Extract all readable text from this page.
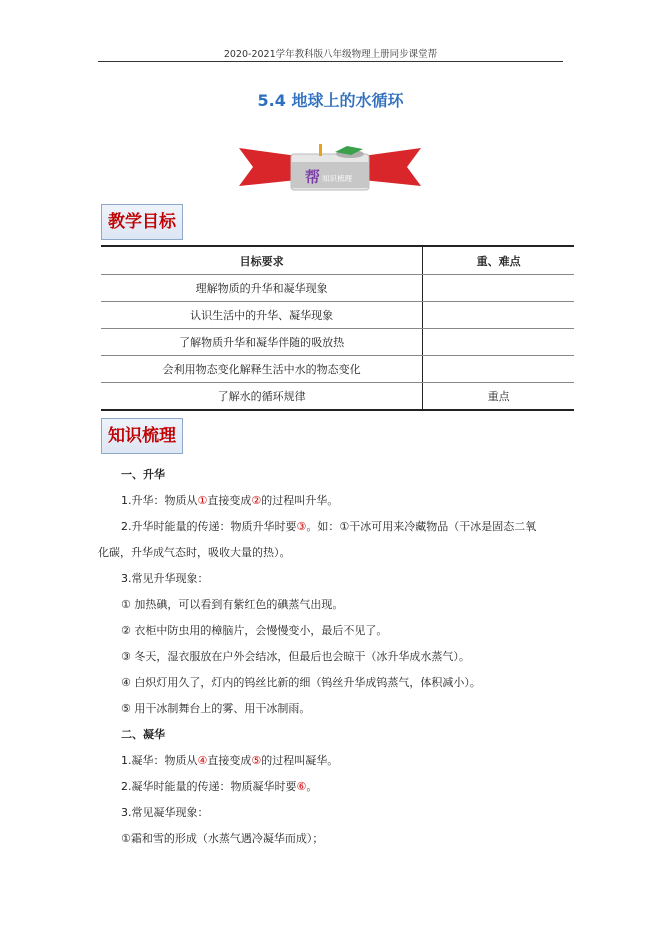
2020-2021学年教科版八年级物理上册同步课堂帮
5.4 地球上的水循环
帮 知识梳理
教学目标
目标要求	重、难点
理解物质的升华和凝华现象	
认识生活中的升华、凝华现象	
了解物质升华和凝华伴随的吸放热	
会利用物态变化解释生活中水的物态变化	
了解水的循环规律	重点
知识梳理
一、升华
1.升华：物质从①直接变成②的过程叫升华。
2.升华时能量的传递：物质升华时要③。如：①干冰可用来冷藏物品（干冰是固态二氧
化碳，升华成气态时，吸收大量的热）。
3.常见升华现象：
① 加热碘，可以看到有紫红色的碘蒸气出现。
② 衣柜中防虫用的樟脑片，会慢慢变小，最后不见了。
③ 冬天，湿衣服放在户外会结冰，但最后也会晾干（冰升华成水蒸气）。
④ 白炽灯用久了，灯内的钨丝比新的细（钨丝升华成钨蒸气，体积减小）。
⑤ 用干冰制舞台上的雾、用干冰制雨。
二、凝华
1.凝华：物质从④直接变成⑤的过程叫凝华。
2.凝华时能量的传递：物质凝华时要⑥。
3.常见凝华现象：
①霜和雪的形成（水蒸气遇冷凝华而成）；
